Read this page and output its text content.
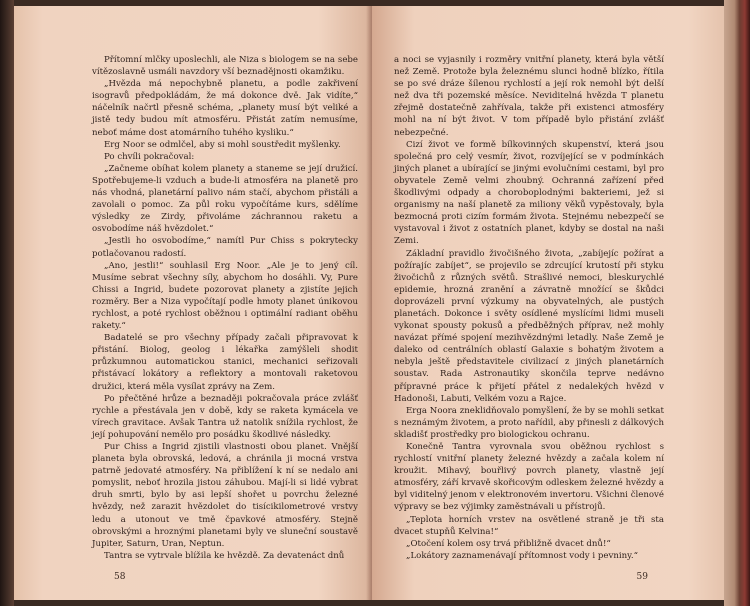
Přítomní mlčky uposlechli, ale Niza s biologem se na sebe vítězoslavně usmáli navzdory vší beznadějnosti okamžiku.

„Hvězda má nepochybně planetu, a podle zakřivení isogravů předpokládám, že má dokonce dvě. Jak vidíte,“ náčelník načrtl přesně schéma, „planety musí být veliké a jistě tedy budou mít atmosféru. Přistát zatím nemusíme, neboť máme dost atomárního tuhého kysliku.“

Erg Noor se odmlčel, aby si mohl soustředit myšlenky.

Po chvíli pokračoval:

„Začneme obíhat kolem planety a staneme se její družicí. Spotřebujeme-li vzduch a bude-li atmosféra na planetě pro nás vhodná, planetární palivo nám stačí, abychom přistáli a zavolali o pomoc. Za půl roku vypočítáme kurs, sdělíme výsledky ze Zirdy, přivoláme záchrannou raketu a osvobodíme náš hvězdolet.“

„Jestli ho osvobodíme,“ namítl Pur Chiss s pokrytecky potlačovanou radostí.

„Ano, jestli!“ souhlasil Erg Noor. „Ale je to jený cíl. Musíme sebrat všechny síly, abychom ho dosáhli. Vy, Pure Chissi a Ingrid, budete pozorovat planety a zjistíte jejich rozměry. Ber a Niza vypočítají podle hmoty planet únikovou rychlost, a poté rychlost oběžnou i optimální radiant oběhu rakety.“

Badatelé se pro všechny případy začali připravovat k přistání. Biolog, geolog i lékařka zamýšleli shodit průzkumnou automatickou stanici, mechanici seřizovali přistávací lokátory a reflektory a montovali raketovou družici, která měla vysílat zprávy na Zem.

Po přečtěné hrůze a beznaději pokračovala práce zvlášť rychle a přestávala jen v době, kdy se raketa kymácela ve vírech gravitace. Avšak Tantra už natolik snížila rychlost, že její pohupování nemělo pro posádku škodlivé následky.

Pur Chiss a Ingrid zjistili vlastnosti obou planet. Vnější planeta byla obrovská, ledová, a chránila ji mocná vrstva patrně jedovaté atmosféry. Na přiblížení k ní se nedalo ani pomyslit, neboť hrozila jistou záhubou. Mají-li si lidé vybrat druh smrti, bylo by asi lepší shořet u povrchu železné hvězdy, než zarazit hvězdolet do tisícikilometrové vrstvy ledu a utonout ve tmě čpavkové atmosféry. Stejně obrovskými a hroznými planetami byly ve sluneční soustavě Jupiter, Saturn, Uran, Neptun.

Tantra se vytrvale blížila ke hvězdě. Za devatenáct dnů

58

a noci se vyjasnily i rozměry vnitřní planety, která byla větší než Země. Protože byla železnému slunci hodně blízko, řítila se po své dráze šílenou rychlostí a její rok nemohl být delší než dva tři pozemské měsíce. Neviditelná hvězda T planetu zřejmě dostatečně zahřívala, takže při existenci atmosféry mohl na ní být život. V tom případě bylo přistání zvlášť nebezpečné.

Cizí život ve formě bílkovinných skupenství, která jsou společná pro celý vesmír, život, rozvíjející se v podmínkách jiných planet a ubírající se jinými evolučními cestami, byl pro obyvatele Země velmi zhoubný. Ochranná zařízení před škodlivými odpady a choroboplodnými bakteriemi, jež si organismy na naší planetě za miliony věků vypěstovaly, byla bezmocná proti cizím formám života. Stejnému nebezpečí se vystavoval i život z ostatních planet, kdyby se dostal na naši Zemi.

Základní pravidlo živočišného života, „zabíjejíc požírat a požírajíc zabíjet“, se projevilo se zdrcující krutostí při styku živočichů z různých světů. Strašlivé nemoci, bleskurychlé epidemie, hrozná zranění a závratně množící se škůdci doprovázeli první výzkumy na obyvatelných, ale pustých planetách. Dokonce i světy osídlené myslícími lidmi museli vykonat spousty pokusů a předběžných příprav, než mohly navázat přímé spojení mezihvězdnými letadly. Naše Země je daleko od centrálních oblastí Galaxie s bohatým životem a nebyla ještě představitele civilizací z jiných planetárních soustav. Rada Astronautiky skončila teprve nedávno přípravné práce k přijetí přátel z nedalekých hvězd v Hadonoši, Labuti, Velkém vozu a Rajce.

Erga Noora zneklidňovalo pomyšlení, že by se mohli setkat s neznámým životem, a proto nařídil, aby přinesli z dálkových skladišť prostředky pro biologickou ochranu.

Konečně Tantra vyrovnala svou oběžnou rychlost s rychlostí vnitřní planety železné hvězdy a začala kolem ní kroužit. Mihavý, bouřlivý povrch planety, vlastně její atmosféry, září krvavě skořicovým odleskem železné hvězdy a byl viditelný jenom v elektronovém invertoru. Všichni členové výpravy se bez výjimky zaměstnávali u přístrojů.

„Teplota horních vrstev na osvětlené straně je tři sta dvacet stupňů Kelvina!“

„Otočení kolem osy trvá přibližně dvacet dnů!“

„Lokátory zaznamenávají přítomnost vody i pevniny.“

59
